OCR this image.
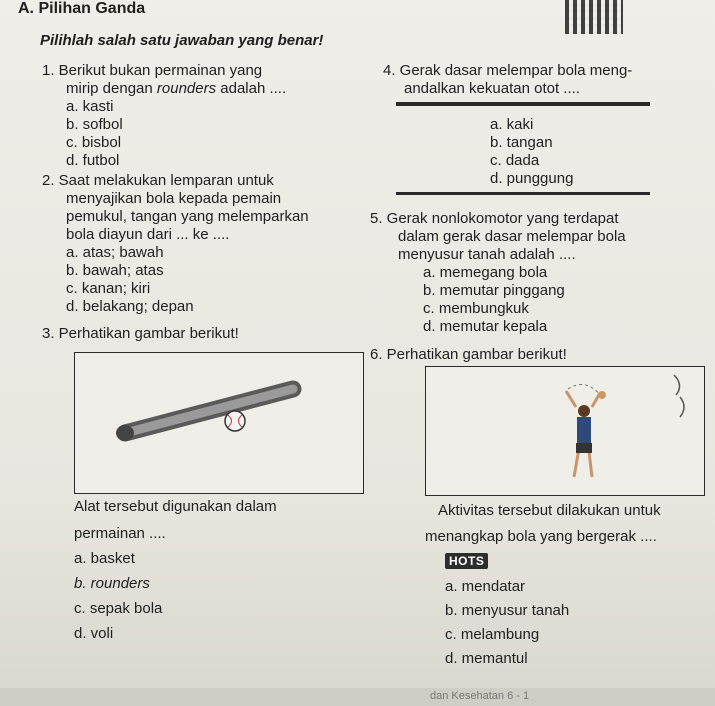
A. Pilihan Ganda
Pilihlah salah satu jawaban yang benar!
1. Berikut bukan permainan yang
mirip dengan rounders adalah ....
a. kasti
b. sofbol
c. bisbol
d. futbol
2. Saat melakukan lemparan untuk
menyajikan bola kepada pemain
pemukul, tangan yang melemparkan
bola diayun dari ... ke ....
a. atas; bawah
b. bawah; atas
c. kanan; kiri
d. belakang; depan
3. Perhatikan gambar berikut!
Alat tersebut digunakan dalam
permainan ....
a. basket
b. rounders
c. sepak bola
d. voli
4. Gerak dasar melempar bola meng-
andalkan kekuatan otot ....
a. kaki
b. tangan
c. dada
d. punggung
5. Gerak nonlokomotor yang terdapat
dalam gerak dasar melempar bola
menyusur tanah adalah ....
a. memegang bola
b. memutar pinggang
c. membungkuk
d. memutar kepala
6. Perhatikan gambar berikut!
Aktivitas tersebut dilakukan untuk
menangkap bola yang bergerak ....
HOTS
a. mendatar
b. menyusur tanah
c. melambung
d. memantul
dan Kesehatan 6 - 1
